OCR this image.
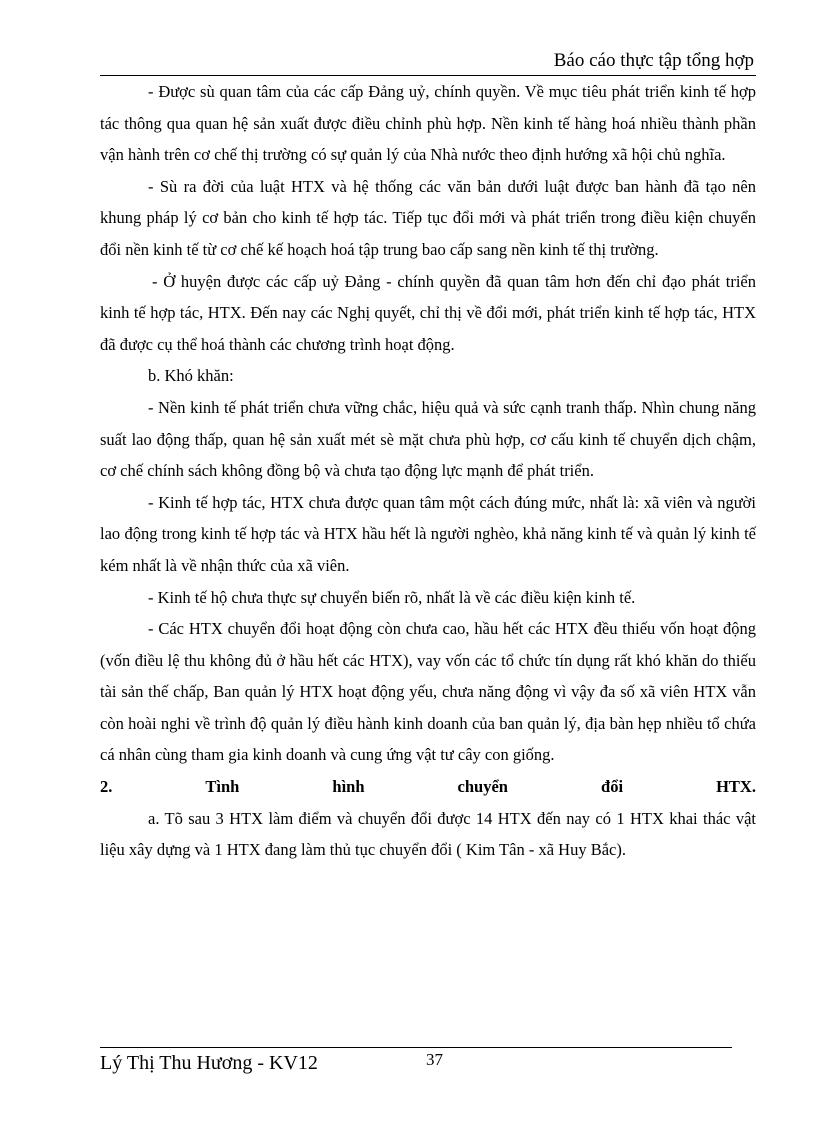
Báo cáo thực tập tổng hợp

- Được sù quan tâm của các cấp Đảng uỷ, chính quyền. Về mục tiêu phát triển kinh tế hợp tác thông qua quan hệ sản xuất được điều chỉnh phù hợp. Nền kinh tế hàng hoá nhiều thành phần vận hành trên cơ chế thị trường có sự quản lý của Nhà nước theo định hướng xã hội chủ nghĩa.

- Sù ra đời của luật HTX và hệ thống các văn bản dưới luật được ban hành đã tạo nên khung pháp lý cơ bản cho kinh tế hợp tác. Tiếp tục đổi mới và phát triển trong điều kiện chuyển đổi nền kinh tế từ cơ chế kế hoạch hoá tập trung bao cấp sang nền kinh tế thị trường.

- Ở huyện được các cấp uỷ Đảng - chính quyền đã quan tâm hơn đến chỉ đạo phát triển kinh tế hợp tác, HTX. Đến nay các Nghị quyết, chỉ thị về đổi mới, phát triển kinh tế hợp tác, HTX đã được cụ thể hoá thành các chương trình hoạt động.

b. Khó khăn:

- Nền kinh tế phát triển chưa vững chắc, hiệu quả và sức cạnh tranh thấp. Nhìn chung năng suất lao động thấp, quan hệ sản xuất mét sè mặt chưa phù hợp, cơ cấu kinh tế chuyển dịch chậm, cơ chế chính sách không đồng bộ và chưa tạo động lực mạnh để phát triển.

- Kinh tế hợp tác, HTX chưa được quan tâm một cách đúng mức, nhất là: xã viên và người lao động trong kinh tế hợp tác và HTX hầu hết là người nghèo, khả năng kinh tế và quản lý kinh tế kém nhất là về nhận thức của xã viên.

- Kinh tế hộ chưa thực sự chuyển biến rõ, nhất là về các điều kiện kinh tế.

- Các HTX chuyển đổi hoạt động còn chưa cao, hầu hết các HTX đều thiếu vốn hoạt động (vốn điều lệ thu không đủ ở hầu hết các HTX), vay vốn các tổ chức tín dụng rất khó khăn do thiếu tài sản thế chấp, Ban quản lý HTX hoạt động yếu, chưa năng động vì vậy đa số xã viên HTX vẫn còn hoài nghi về trình độ quản lý điều hành kinh doanh của ban quản lý, địa bàn hẹp nhiều tổ chứa cá nhân cùng tham gia kinh doanh và cung ứng vật tư cây con giống.

2.	Tình	hình	chuyển	đổi	HTX.

a. Tõ sau 3 HTX làm điểm và chuyển đổi được 14 HTX đến nay có 1 HTX khai thác vật liệu xây dựng và 1 HTX đang làm thủ tục chuyển đổi ( Kim Tân - xã Huy Bắc).

Lý Thị Thu Hương - KV12	37
